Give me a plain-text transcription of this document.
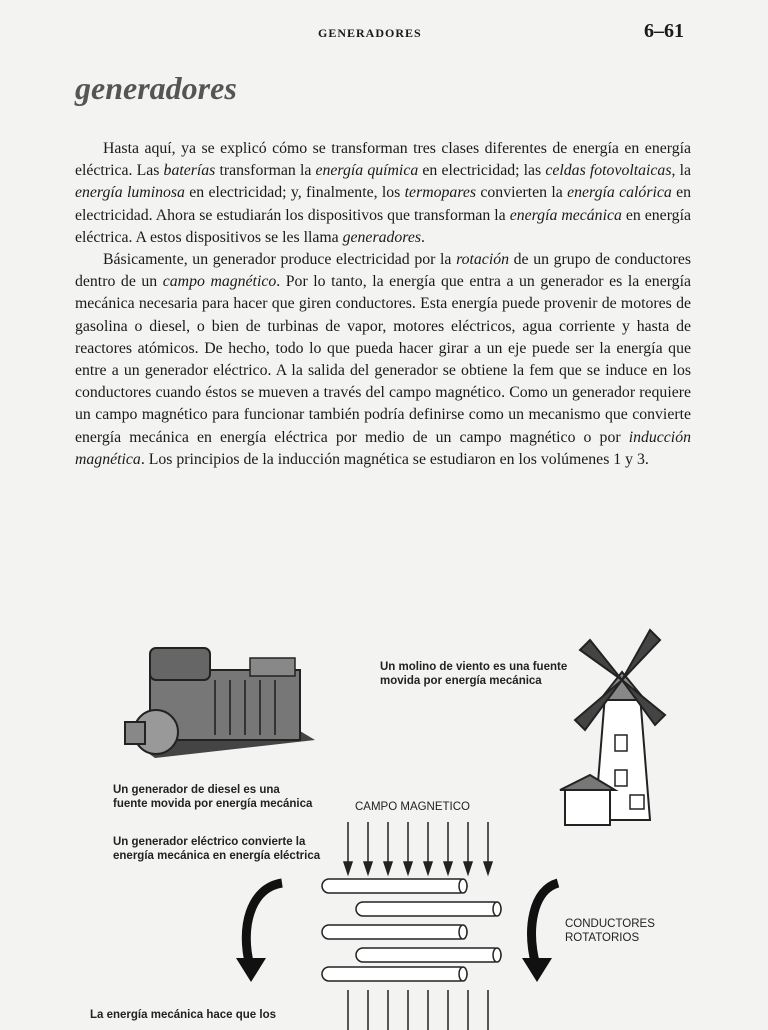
GENERADORES	6–61
generadores

Hasta aquí, ya se explicó cómo se transforman tres clases diferentes de energía en energía eléctrica. Las baterías transforman la energía química en electricidad; las celdas fotovoltaicas, la energía luminosa en electricidad; y, finalmente, los termopares convierten la energía calórica en electricidad. Ahora se estudiarán los dispositivos que transforman la energía mecánica en energía eléctrica. A estos dispositivos se les llama generadores.

Básicamente, un generador produce electricidad por la rotación de un grupo de conductores dentro de un campo magnético. Por lo tanto, la energía que entra a un generador es la energía mecánica necesaria para hacer que giren conductores. Esta energía puede provenir de motores de gasolina o diesel, o bien de turbinas de vapor, motores eléctricos, agua corriente y hasta de reactores atómicos. De hecho, todo lo que pueda hacer girar a un eje puede ser la energía que entre a un generador eléctrico. A la salida del generador se obtiene la fem que se induce en los conductores cuando éstos se mueven a través del campo magnético. Como un generador requiere un campo magnético para funcionar también podría definirse como un mecanismo que convierte energía mecánica en energía eléctrica por medio de un campo magnético o por inducción magnética. Los principios de la inducción magnética se estudiaron en los volúmenes 1 y 3.

Un molino de viento es una fuente movida por energía mecánica
Un generador de diesel es una fuente movida por energía mecánica
Un generador eléctrico convierte la energía mecánica en energía eléctrica
CAMPO MAGNETICO
CONDUCTORES ROTATORIOS
La energía mecánica hace que los
